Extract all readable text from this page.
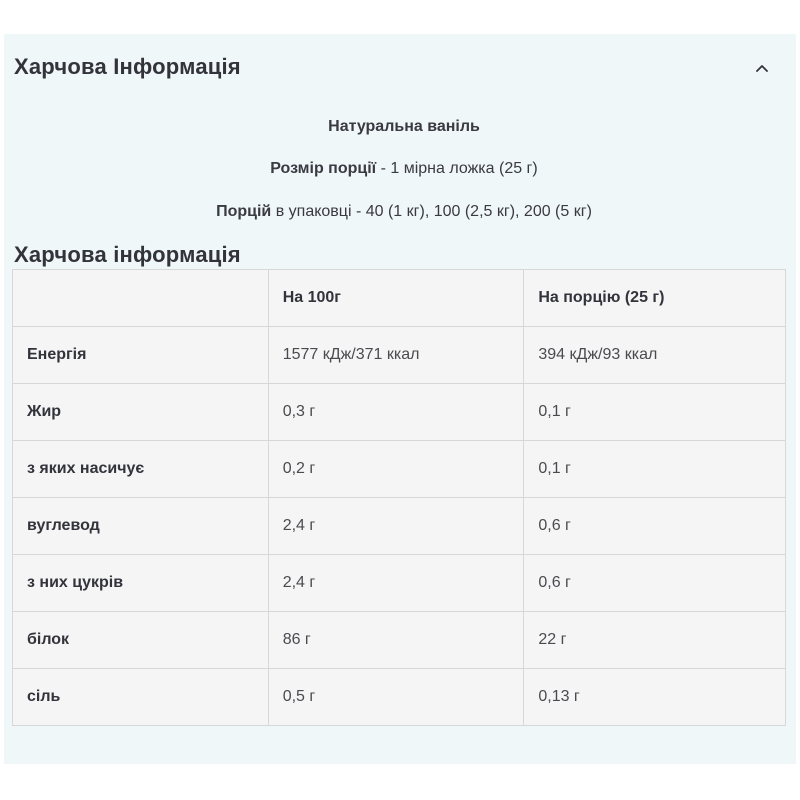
Харчова Інформація
Натуральна ваніль
Розмір порції - 1 мірна ложка (25 г)
Порцій в упаковці - 40 (1 кг), 100 (2,5 кг), 200 (5 кг)
Харчова інформація
	На 100г	На порцію (25 г)
Енергія	1577 кДж/371 ккал	394 кДж/93 ккал
Жир	0,3 г	0,1 г
з яких насичує	0,2 г	0,1 г
вуглевод	2,4 г	0,6 г
з них цукрів	2,4 г	0,6 г
білок	86 г	22 г
сіль	0,5 г	0,13 г
